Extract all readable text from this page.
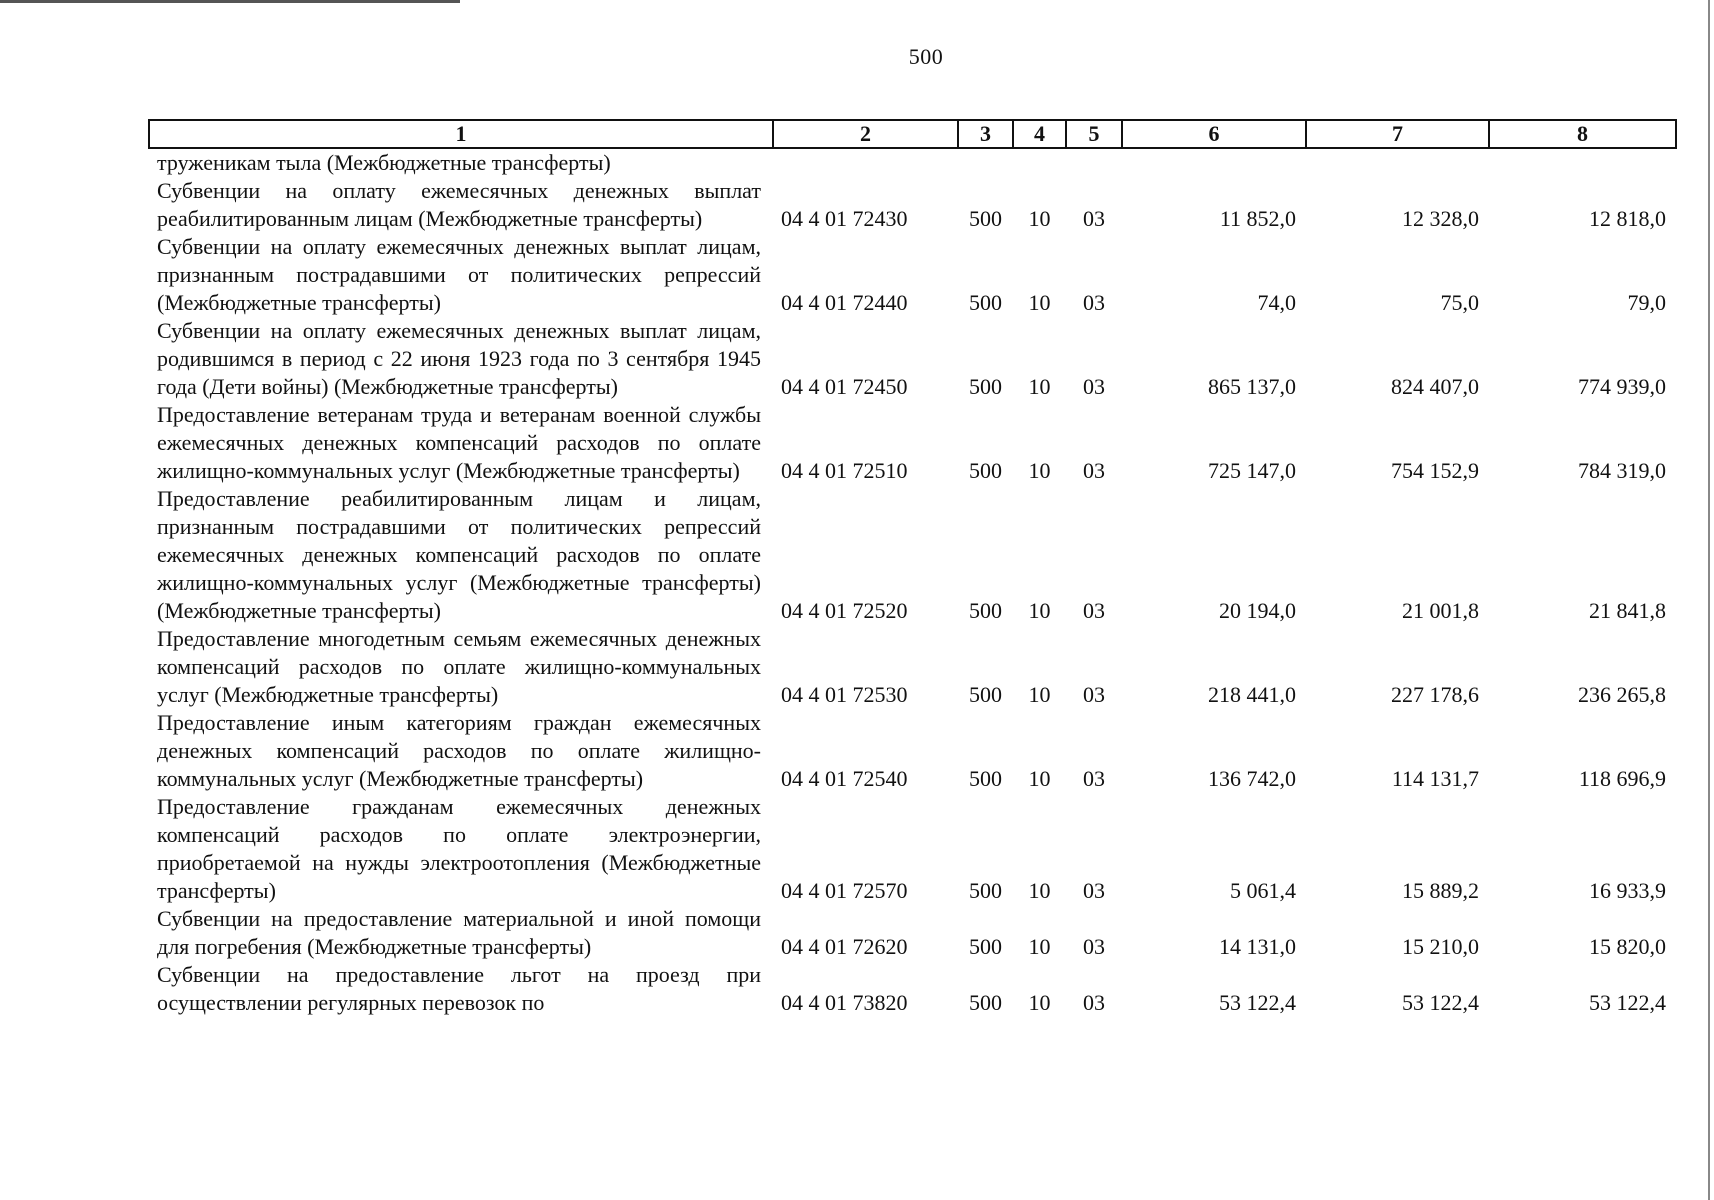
500
1	2	3	4	5	6	7	8
труженикам тыла (Межбюджетные трансферты)							
Субвенции на оплату ежемесячных денежных выплат реабилитированным лицам (Межбюджетные трансферты)	04 4 01 72430	500	10	03	11 852,0	12 328,0	12 818,0
Субвенции на оплату ежемесячных денежных выплат лицам, признанным пострадавшими от политических репрессий (Межбюджетные трансферты)	04 4 01 72440	500	10	03	74,0	75,0	79,0
Субвенции на оплату ежемесячных денежных выплат лицам, родившимся в период с 22 июня 1923 года по 3 сентября 1945 года (Дети войны) (Межбюджетные трансферты)	04 4 01 72450	500	10	03	865 137,0	824 407,0	774 939,0
Предоставление ветеранам труда и ветеранам военной службы ежемесячных денежных компенсаций расходов по оплате жилищно-коммунальных услуг (Межбюджетные трансферты)	04 4 01 72510	500	10	03	725 147,0	754 152,9	784 319,0
Предоставление реабилитированным лицам и лицам, признанным пострадавшими от политических репрессий ежемесячных денежных компенсаций расходов по оплате жилищно-коммунальных услуг (Межбюджетные трансферты) (Межбюджетные трансферты)	04 4 01 72520	500	10	03	20 194,0	21 001,8	21 841,8
Предоставление многодетным семьям ежемесячных денежных компенсаций расходов по оплате жилищно-коммунальных услуг (Межбюджетные трансферты)	04 4 01 72530	500	10	03	218 441,0	227 178,6	236 265,8
Предоставление иным категориям граждан ежемесячных денежных компенсаций расходов по оплате жилищно-коммунальных услуг (Межбюджетные трансферты)	04 4 01 72540	500	10	03	136 742,0	114 131,7	118 696,9
Предоставление гражданам ежемесячных денежных компенсаций расходов по оплате электроэнергии, приобретаемой на нужды электроотопления (Межбюджетные трансферты)	04 4 01 72570	500	10	03	5 061,4	15 889,2	16 933,9
Субвенции на предоставление материальной и иной помощи для погребения (Межбюджетные трансферты)	04 4 01 72620	500	10	03	14 131,0	15 210,0	15 820,0
Субвенции на предоставление льгот на проезд при осуществлении регулярных перевозок по	04 4 01 73820	500	10	03	53 122,4	53 122,4	53 122,4
